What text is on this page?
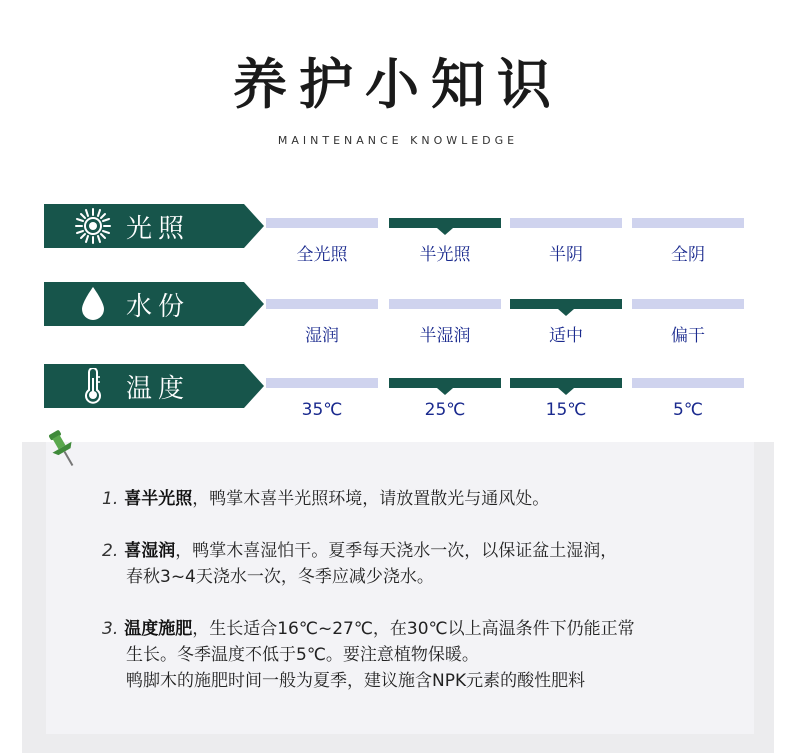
养护小知识
MAINTENANCE KNOWLEDGE
光照
全光照	半光照	半阴	全阴
水份
湿润	半湿润	适中	偏干
温度
35℃	25℃	15℃	5℃
1. 喜半光照，鸭掌木喜半光照环境，请放置散光与通风处。
2. 喜湿润，鸭掌木喜湿怕干。夏季每天浇水一次，以保证盆土湿润，
春秋3~4天浇水一次，冬季应减少浇水。
3. 温度施肥，生长适合16℃~27℃，在30℃以上高温条件下仍能正常
生长。冬季温度不低于5℃。要注意植物保暖。
鸭脚木的施肥时间一般为夏季，建议施含NPK元素的酸性肥料
